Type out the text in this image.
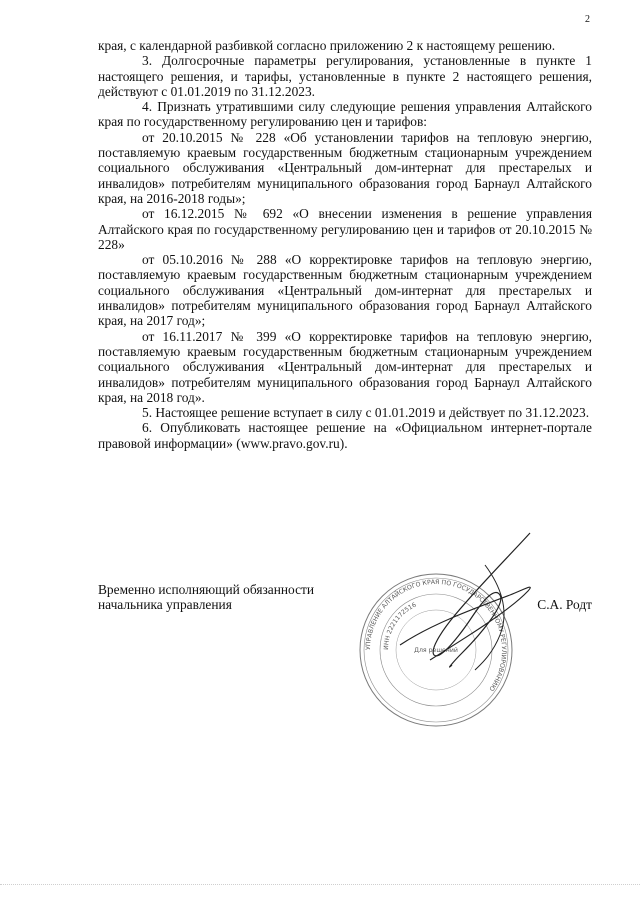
2

края, с календарной разбивкой согласно приложению 2 к настоящему решению.

3. Долгосрочные параметры регулирования, установленные в пункте 1 настоящего решения, и тарифы, установленные в пункте 2 настоящего решения, действуют с 01.01.2019 по 31.12.2023.

4. Признать утратившими силу следующие решения управления Алтайского края по государственному регулированию цен и тарифов:

от 20.10.2015 № 228 «Об установлении тарифов на тепловую энергию, поставляемую краевым государственным бюджетным стационарным учреждением социального обслуживания «Центральный дом-интернат для престарелых и инвалидов» потребителям муниципального образования город Барнаул Алтайского края, на 2016-2018 годы»;

от 16.12.2015 № 692 «О внесении изменения в решение управления Алтайского края по государственному регулированию цен и тарифов от 20.10.2015 № 228»

от 05.10.2016 № 288 «О корректировке тарифов на тепловую энергию, поставляемую краевым государственным бюджетным стационарным учреждением социального обслуживания «Центральный дом-интернат для престарелых и инвалидов» потребителям муниципального образования город Барнаул Алтайского края, на 2017 год»;

от 16.11.2017 № 399 «О корректировке тарифов на тепловую энергию, поставляемую краевым государственным бюджетным стационарным учреждением социального обслуживания «Центральный дом-интернат для престарелых и инвалидов» потребителям муниципального образования город Барнаул Алтайского края, на 2018 год».

5. Настоящее решение вступает в силу с 01.01.2019 и действует по 31.12.2023.

6. Опубликовать настоящее решение на «Официальном интернет-портале правовой информации» (www.pravo.gov.ru).

УПРАВЛЕНИЕ АЛТАЙСКОГО КРАЯ ПО ГОСУДАРСТВЕННОМУ РЕГУЛИРОВАНИЮ
ИНН 2221172516
Для решений
Временно исполняющий обязанности
начальника управления	С.А. Родт
